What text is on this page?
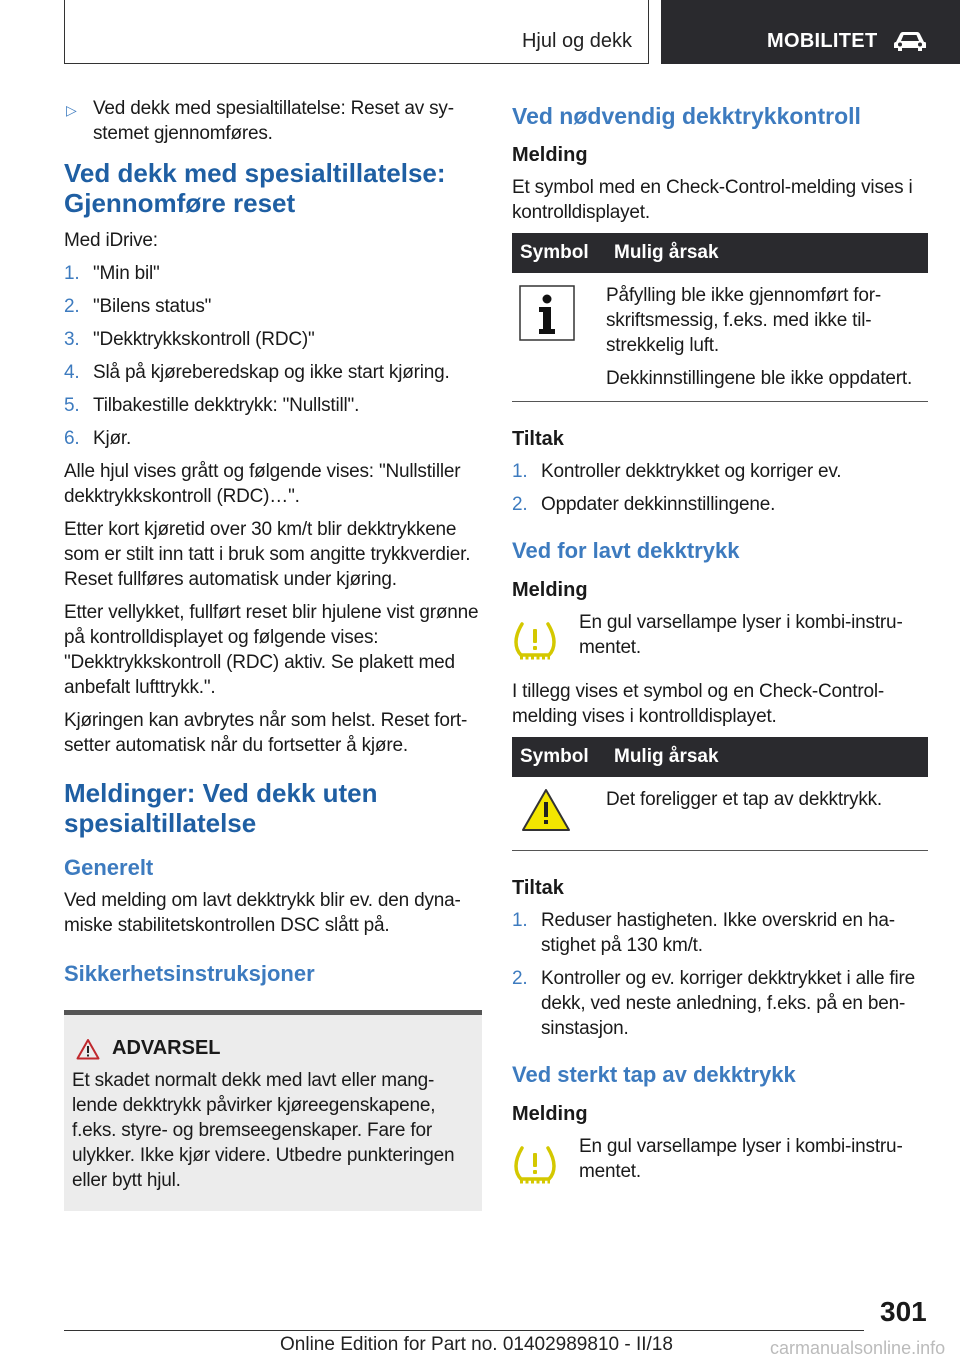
Hjul og dekk	MOBILITET
▷ Ved dekk med spesialtillatelse: Reset av systemet gjennomføres.
Ved dekk med spesialtillatelse: Gjennomføre reset

Med iDrive:

1. "Min bil"
2. "Bilens status"
3. "Dekktrykkskontroll (RDC)"
4. Slå på kjøreberedskap og ikke start kjøring.
5. Tilbakestille dekktrykk: "Nullstill".
6. Kjør.

Alle hjul vises grått og følgende vises: "Nullstiller dekktrykkskontroll (RDC)…".

Etter kort kjøretid over 30 km/t blir dekktrykkene som er stilt inn tatt i bruk som angitte trykkverdier. Reset fullføres automatisk under kjøring.

Etter vellykket, fullført reset blir hjulene vist grønne på kontrolldisplayet og følgende vises: "Dekktrykkskontroll (RDC) aktiv. Se plakett med anbefalt lufttrykk.".

Kjøringen kan avbrytes når som helst. Reset fortsetter automatisk når du fortsetter å kjøre.

Meldinger: Ved dekk uten spesialtillatelse
Generelt

Ved melding om lavt dekktrykk blir ev. den dynamiske stabilitetskontrollen DSC slått på.

Sikkerhetsinstruksjoner
ADVARSEL

Et skadet normalt dekk med lavt eller manglende dekktrykk påvirker kjøreegenskapene, f.eks. styre- og bremseegenskaper. Fare for ulykker. Ikke kjør videre. Utbedre punkteringen eller bytt hjul.

Ved nødvendig dekktrykkontroll
Melding

Et symbol med en Check-Control-melding vises i kontrolldisplayet.

Symbol	Mulig årsak

Påfylling ble ikke gjennomført forskriftsmessig, f.eks. med ikke tilstrekkelig luft.

Dekkinnstillingene ble ikke oppdatert.

Tiltak
1. Kontroller dekktrykket og korriger ev.
2. Oppdater dekkinnstillingene.
Ved for lavt dekktrykk
Melding

En gul varsellampe lyser i kombi-instrumentet.

I tillegg vises et symbol og en Check-Control-melding vises i kontrolldisplayet.

Symbol	Mulig årsak
	Det foreligger et tap av dekktrykk.
Tiltak
1. Reduser hastigheten. Ikke overskrid en hastighet på 130 km/t.
2. Kontroller og ev. korriger dekktrykket i alle fire dekk, ved neste anledning, f.eks. på en bensinstasjon.
Ved sterkt tap av dekktrykk
Melding

En gul varsellampe lyser i kombi-instrumentet.

301
Online Edition for Part no. 01402989810 - II/18	carmanualsonline.info
